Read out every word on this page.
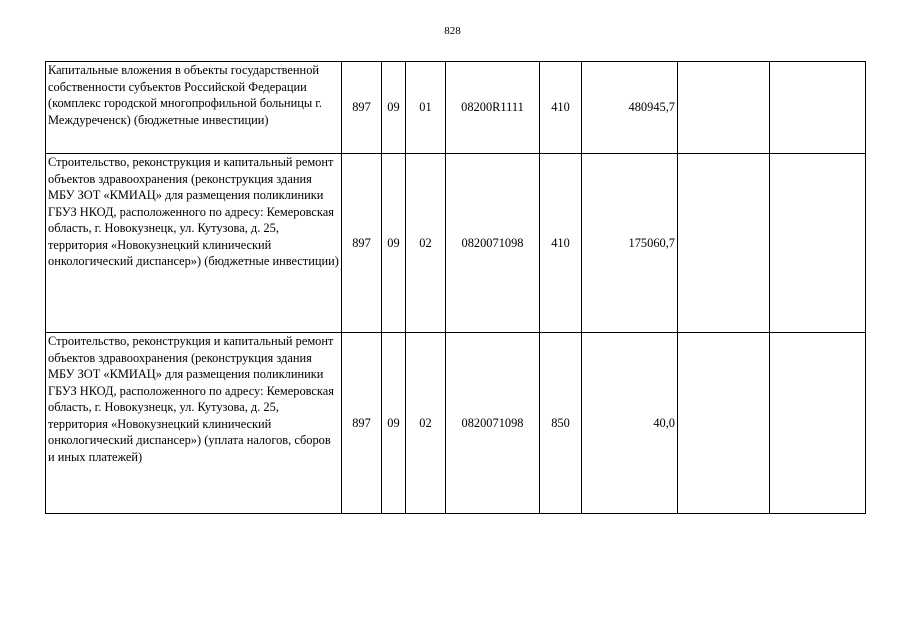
828
Капитальные вложения в объекты государственной собственности субъектов Российской Федерации (комплекс городской многопрофильной больницы г. Междуреченск) (бюджетные инвестиции)	897	09	01	08200R1111	410	480945,7		

Строительство, реконструкция и капитальный ремонт объектов здравоохранения (реконструкция здания МБУ ЗОТ «КМИАЦ» для размещения поликлиники ГБУЗ НКОД, расположенного по адресу: Кемеровская область, г. Новокузнецк, ул. Кутузова, д. 25, территория «Новокузнецкий клинический онкологический диспансер») (бюджетные инвестиции)	897	09	02	0820071098	410	175060,7		

Строительство, реконструкция и капитальный ремонт объектов здравоохранения (реконструкция здания МБУ ЗОТ «КМИАЦ» для размещения поликлиники ГБУЗ НКОД, расположенного по адресу: Кемеровская область, г. Новокузнецк, ул. Кутузова, д. 25, территория «Новокузнецкий клинический онкологический диспансер») (уплата налогов, сборов и иных платежей)	897	09	02	0820071098	850	40,0		
